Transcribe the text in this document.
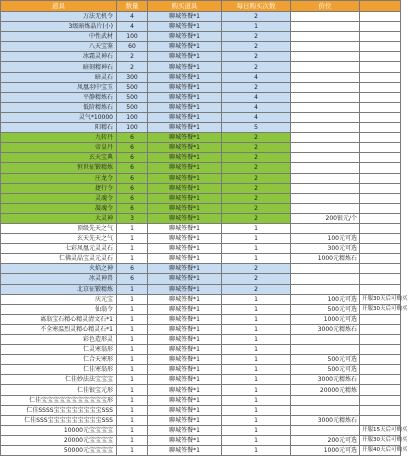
道具	数量	购买道具	每日购买次数	价位	
万法无机令	4	聊城签餐*1	2		
3级暗炼晶片(小)	4	聊城签餐*1	1		
中性武材	100	聊城签餐*1	2		
八天宝鉴	60	聊城签餐*1	2		
冰霜灵神石	2	聊城签餐*1	2		
暗刻精神石	2	聊城签餐*1	2		
暗灵石	300	聊城签餐*1	4		
凤凰羽中宝玉	500	聊城签餐*1	2		
平静精炼石	500	聊城签餐*1	4		
低阶精炼石	500	聊城签餐*1	4		
灵气*10000	100	聊城签餐*1	4		
阳精石	100	聊城签餐*1	5		
九转丹	6	聊城签餐*1	2		
帝皇丹	6	聊城签餐*1	2		
玄天宝典	6	聊城签餐*1	2		
恒世征锻精炼	6	聊城签餐*1	2		
庄龙令	6	聊城签餐*1	2		
捷行令	6	聊城签餐*1	2		
灵魂令	6	聊城签餐*1	2		
凝魂令	6	聊城签餐*1	2		
大灵神	3	聊城签餐*1	2	200银元/个	
顶级先天之气	1	聊城签餐*1	1		
玄天先天之气	1	聊城签餐*1	1	100元可选	
七彩凤凰元灵灵石	1	聊城签餐*1	1	300元可选	
仁佛灵晶宝灵元灵石	1	聊城签餐*1	1	1000元精炼石	
火焰之神	6	聊城签餐*1	2		
冰灵神兽	6	聊城签餐*1	2		
北京征锻精炼	1	聊城签餐*1	2		
庆元宝	1	聊城签餐*1	1	100元可选	开服30天后可购买
仙翁令	1	聊城签餐*1	1	500元可选	开服30天后可购买
离翁宝石精心精灵清文石*1	1	聊城签餐*1	1	1000元可选	
不全寒温烈灵精心精灵石*1	1	聊城签餐*1	1	3000元精炼石	
彩色造形灵	1	聊城签餐*1	1		
仁灵寒翁形	1	聊城签餐*1	1		
仁合天寒形	1	聊城签餐*1	1	500元可选	
仁佳寒翁形	1	聊城签餐*1	1	500元可选	
仁佳妙法法宝宝宝	1	聊城签餐*1	1	3000元精炼石	
仁佳银宝元形	1	聊城签餐*1	1	20000元精炼	
仁佳宝宝宝宝宝宝宝宝宝宝宝形	1	聊城签餐*1	1		
仁佳SSSS宝宝宝宝宝宝宝宝SSS	1	聊城签餐*1	1		
仁佳SSS宝宝宝宝宝宝宝宝宝SSS	1	聊城签餐*1	1	3000元精炼石	
10000元宝宝宝宝	1	聊城签餐*1	1		开服15天后可购买
20000元宝宝宝宝	1	聊城签餐*1	1	200元可选	开服30天后可购买
50000元宝宝宝宝	1	聊城签餐*1	1	1000元可选	开服40天后可购买
